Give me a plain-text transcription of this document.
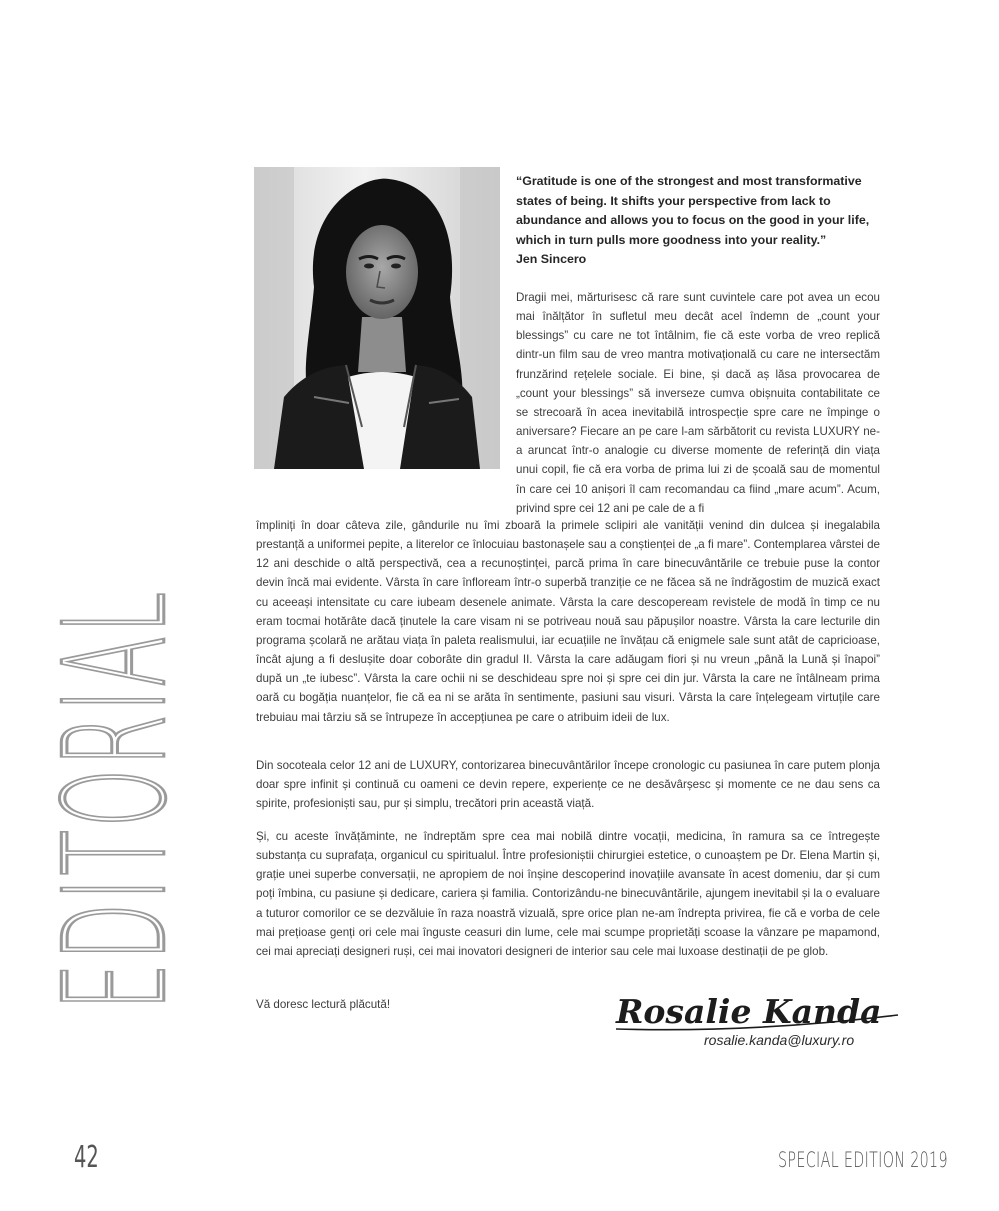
EDITORIAL
“Gratitude is one of the strongest and most transformative states of being. It shifts your perspective from lack to abundance and allows you to focus on the good in your life, which in turn pulls more goodness into your reality.”
Jen Sincero
Dragii mei, mărturisesc că rare sunt cuvintele care pot avea un ecou mai înălțător în sufletul meu decât acel îndemn de „count your blessings” cu care ne tot întâlnim, fie că este vorba de vreo replică dintr-un film sau de vreo mantra motivațională cu care ne intersectăm frunzărind rețelele sociale. Ei bine, și dacă aș lăsa provocarea de „count your blessings” să inverseze cumva obișnuita contabilitate ce se strecoară în acea inevitabilă introspecție spre care ne împinge o aniversare? Fiecare an pe care l-am sărbătorit cu revista LUXURY ne-a aruncat într-o analogie cu diverse momente de referință din viața unui copil, fie că era vorba de prima lui zi de școală sau de momentul în care cei 10 anișori îl cam recomandau ca fiind „mare acum”. Acum, privind spre cei 12 ani pe cale de a fi
împliniți în doar câteva zile, gândurile nu îmi zboară la primele sclipiri ale vanității venind din dulcea și inegalabila prestanță a uniformei pepite, a literelor ce înlocuiau bastonașele sau a conștienței de „a fi mare”. Contemplarea vârstei de 12 ani deschide o altă perspectivă, cea a recunoștinței, parcă prima în care binecuvântările ce trebuie puse la contor devin încă mai evidente. Vârsta în care înfloream într-o superbă tranziție ce ne făcea să ne îndrăgostim de muzică exact cu aceeași intensitate cu care iubeam desenele animate. Vârsta la care descopeream revistele de modă în timp ce nu eram tocmai hotărâte dacă ținutele la care visam ni se potriveau nouă sau păpușilor noastre. Vârsta la care lecturile din programa școlară ne arătau viața în paleta realismului, iar ecuațiile ne învățau că enigmele sale sunt atât de capricioase, încât ajung a fi deslușite doar coborâte din gradul II. Vârsta la care adăugam fiori și nu vreun „până la Lună și înapoi” după un „te iubesc”. Vârsta la care ochii ni se deschideau spre noi și spre cei din jur. Vârsta la care ne întâlneam prima oară cu bogăția nuanțelor, fie că ea ni se arăta în sentimente, pasiuni sau visuri. Vârsta la care înțelegeam virtuțile care trebuiau mai târziu să se întrupeze în accepțiunea pe care o atribuim ideii de lux.
Din socoteala celor 12 ani de LUXURY, contorizarea binecuvântărilor începe cronologic cu pasiunea în care putem plonja doar spre infinit și continuă cu oameni ce devin repere, experiențe ce ne desăvârșesc și momente ce ne dau sens ca spirite, profesioniști sau, pur și simplu, trecători prin această viață.
Și, cu aceste învățăminte, ne îndreptăm spre cea mai nobilă dintre vocații, medicina, în ramura sa ce întregește substanța cu suprafața, organicul cu spiritualul. Între profesioniștii chirurgiei estetice, o cunoaștem pe Dr. Elena Martin și, grație unei superbe conversații, ne apropiem de noi înșine descoperind inovațiile avansate în acest domeniu, dar și cum poți îmbina, cu pasiune și dedicare, cariera și familia. Contorizându-ne binecuvântările, ajungem inevitabil și la o evaluare a tuturor comorilor ce se dezvăluie în raza noastră vizuală, spre orice plan ne-am îndrepta privirea, fie că e vorba de cele mai prețioase genți ori cele mai înguste ceasuri din lume, cele mai scumpe proprietăți scoase la vânzare pe mapamond, cei mai apreciați designeri ruși, cei mai inovatori designeri de interior sau cele mai luxoase destinații de pe glob.
Vă doresc lectură plăcută!	Rosalie Kanda
rosalie.kanda@luxury.ro
42	SPECIAL EDITION 2019
